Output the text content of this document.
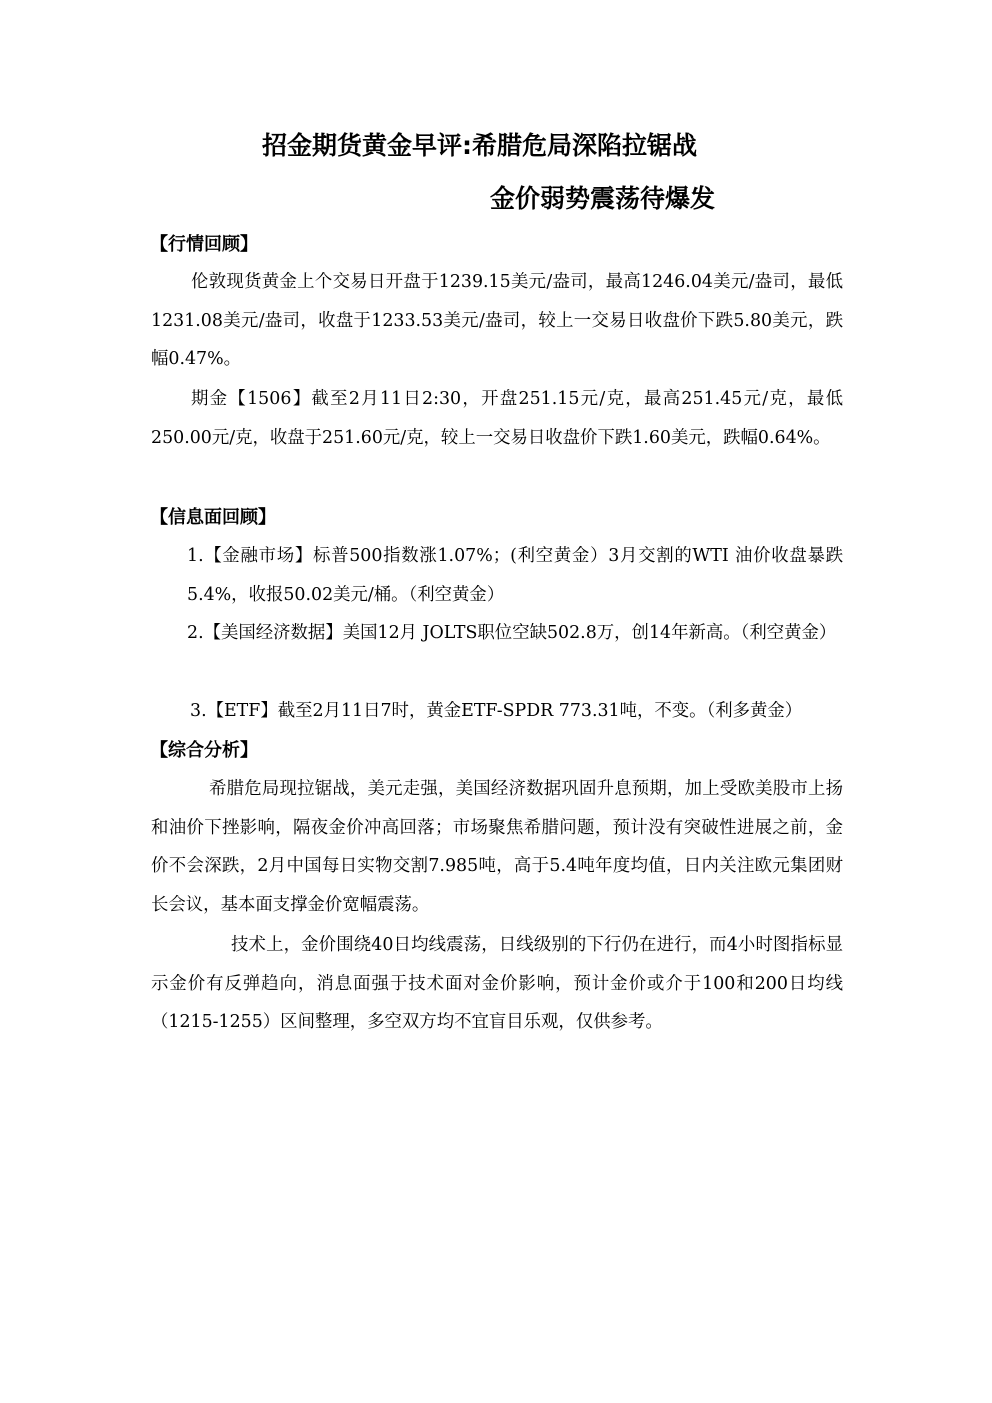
招金期货黄金早评:希腊危局深陷拉锯战
金价弱势震荡待爆发
【行情回顾】

伦敦现货黄金上个交易日开盘于1239.15美元/盎司，最高1246.04美元/盎司，最低1231.08美元/盎司，收盘于1233.53美元/盎司，较上一交易日收盘价下跌5.80美元，跌幅0.47%。

期金【1506】截至2月11日2:30，开盘251.15元/克，最高251.45元/克，最低250.00元/克，收盘于251.60元/克，较上一交易日收盘价下跌1.60美元，跌幅0.64%。

【信息面回顾】

1.【金融市场】标普500指数涨1.07%；(利空黄金）3月交割的WTI 油价收盘暴跌5.4%，收报50.02美元/桶。（利空黄金）

2.【美国经济数据】美国12月 JOLTS职位空缺502.8万，创14年新高。（利空黄金）

3.【ETF】截至2月11日7时，黄金ETF-SPDR 773.31吨，不变。（利多黄金）

【综合分析】

希腊危局现拉锯战，美元走强，美国经济数据巩固升息预期，加上受欧美股市上扬和油价下挫影响，隔夜金价冲高回落；市场聚焦希腊问题，预计没有突破性进展之前，金价不会深跌，2月中国每日实物交割7.985吨，高于5.4吨年度均值，日内关注欧元集团财长会议，基本面支撑金价宽幅震荡。

技术上，金价围绕40日均线震荡，日线级别的下行仍在进行，而4小时图指标显示金价有反弹趋向，消息面强于技术面对金价影响，预计金价或介于100和200日均线（1215-1255）区间整理，多空双方均不宜盲目乐观，仅供参考。
